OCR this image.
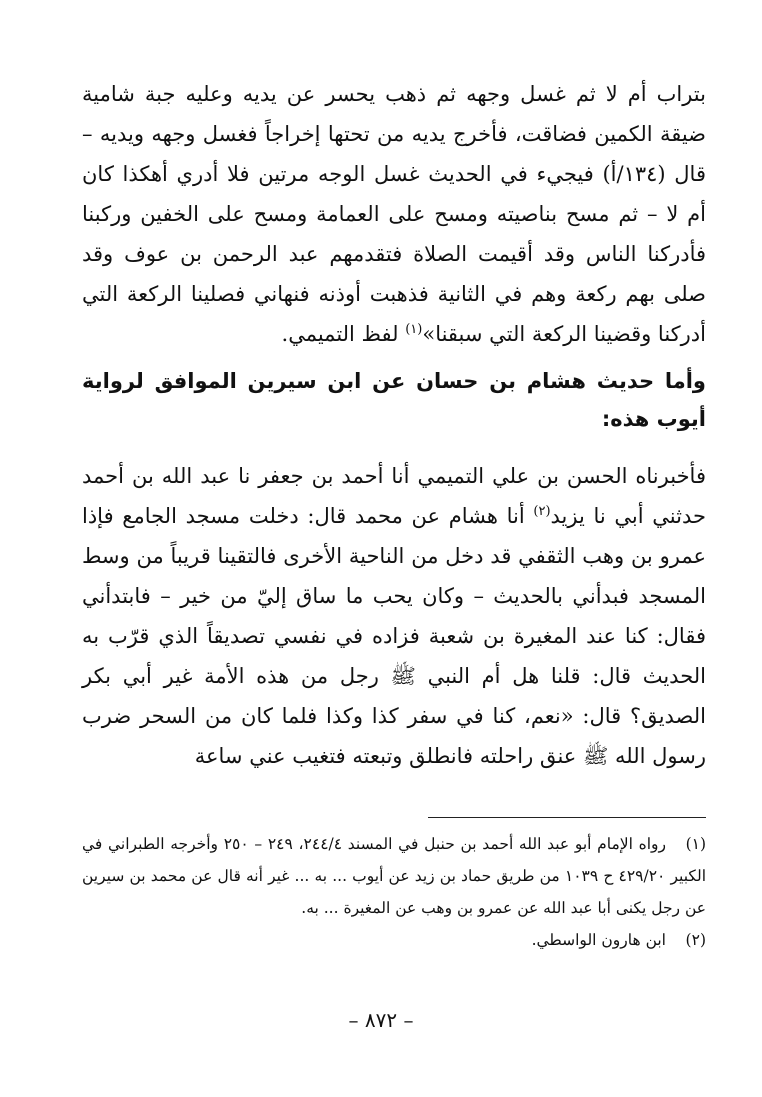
بتراب أم لا ثم غسل وجهه ثم ذهب يحسر عن يديه وعليه جبة شامية ضيقة الكمين فضاقت، فأخرج يديه من تحتها إخراجاً فغسل وجهه ويديه – قال (١٣٤/أ) فيجيء في الحديث غسل الوجه مرتين فلا أدري أهكذا كان أم لا – ثم مسح بناصيته ومسح على العمامة ومسح على الخفين وركبنا فأدركنا الناس وقد أقيمت الصلاة فتقدمهم عبد الرحمن بن عوف وقد صلى بهم ركعة وهم في الثانية فذهبت أوذنه فنهاني فصلينا الركعة التي أدركنا وقضينا الركعة التي سبقنا»$^{(١)}$ لفظ التميمي.

وأما حديث هشام بن حسان عن ابن سيرين الموافق لرواية أيوب هذه:

فأخبرناه الحسن بن علي التميمي أنا أحمد بن جعفر نا عبد الله بن أحمد حدثني أبي نا يزيد$^{(٢)}$ أنا هشام عن محمد قال: دخلت مسجد الجامع فإذا عمرو بن وهب الثقفي قد دخل من الناحية الأخرى فالتقينا قريباً من وسط المسجد فبدأني بالحديث – وكان يحب ما ساق إليّ من خير – فابتدأني فقال: كنا عند المغيرة بن شعبة فزاده في نفسي تصديقاً الذي قرّب به الحديث قال: قلنا هل أم النبي ﷺ رجل من هذه الأمة غير أبي بكر الصديق؟ قال: «نعم، كنا في سفر كذا وكذا فلما كان من السحر ضرب رسول الله ﷺ عنق راحلته فانطلق وتبعته فتغيب عني ساعة

(١)رواه الإمام أبو عبد الله أحمد بن حنبل في المسند ٢٤٤/٤، ٢٤٩ – ٢٥٠ وأخرجه الطبراني في الكبير ٤٢٩/٢٠ ح ١٠٣٩ من طريق حماد بن زيد عن أيوب ... به ... غير أنه قال عن محمد بن سيرين عن رجل يكنى أبا عبد الله عن عمرو بن وهب عن المغيرة ... به.

(٢)ابن هارون الواسطي.

– ٨٧٢ –
